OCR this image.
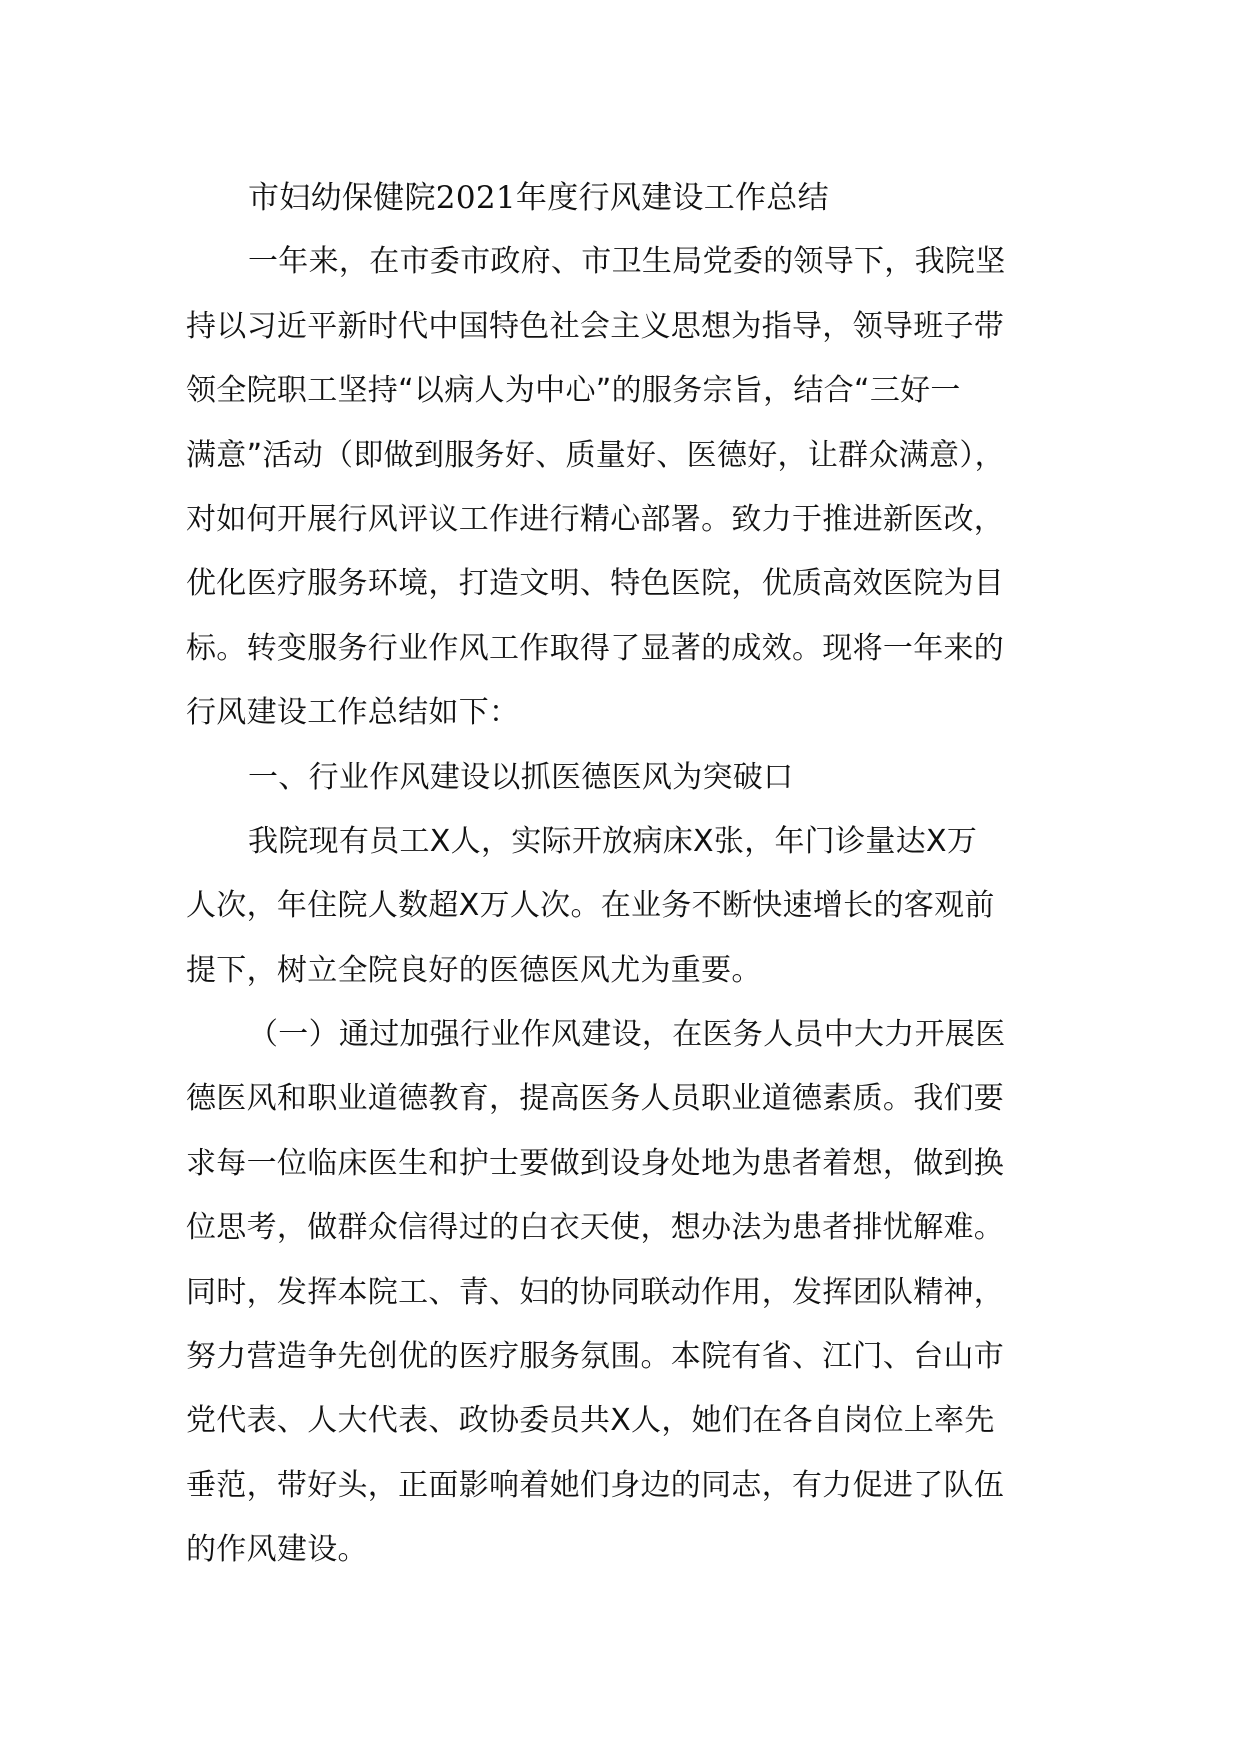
市妇幼保健院2021年度行风建设工作总结
一年来，在市委市政府、市卫生局党委的领导下，我院坚
持以习近平新时代中国特色社会主义思想为指导，领导班子带
领全院职工坚持“以病人为中心”的服务宗旨，结合“三好一
满意”活动（即做到服务好、质量好、医德好，让群众满意），
对如何开展行风评议工作进行精心部署。致力于推进新医改，
优化医疗服务环境，打造文明、特色医院，优质高效医院为目
标。转变服务行业作风工作取得了显著的成效。现将一年来的
行风建设工作总结如下：
一、行业作风建设以抓医德医风为突破口
我院现有员工X人，实际开放病床X张，年门诊量达X万
人次，年住院人数超X万人次。在业务不断快速增长的客观前
提下，树立全院良好的医德医风尤为重要。
（一）通过加强行业作风建设，在医务人员中大力开展医
德医风和职业道德教育，提高医务人员职业道德素质。我们要
求每一位临床医生和护士要做到设身处地为患者着想，做到换
位思考，做群众信得过的白衣天使，想办法为患者排忧解难。
同时，发挥本院工、青、妇的协同联动作用，发挥团队精神，
努力营造争先创优的医疗服务氛围。本院有省、江门、台山市
党代表、人大代表、政协委员共X人，她们在各自岗位上率先
垂范，带好头，正面影响着她们身边的同志，有力促进了队伍
的作风建设。
